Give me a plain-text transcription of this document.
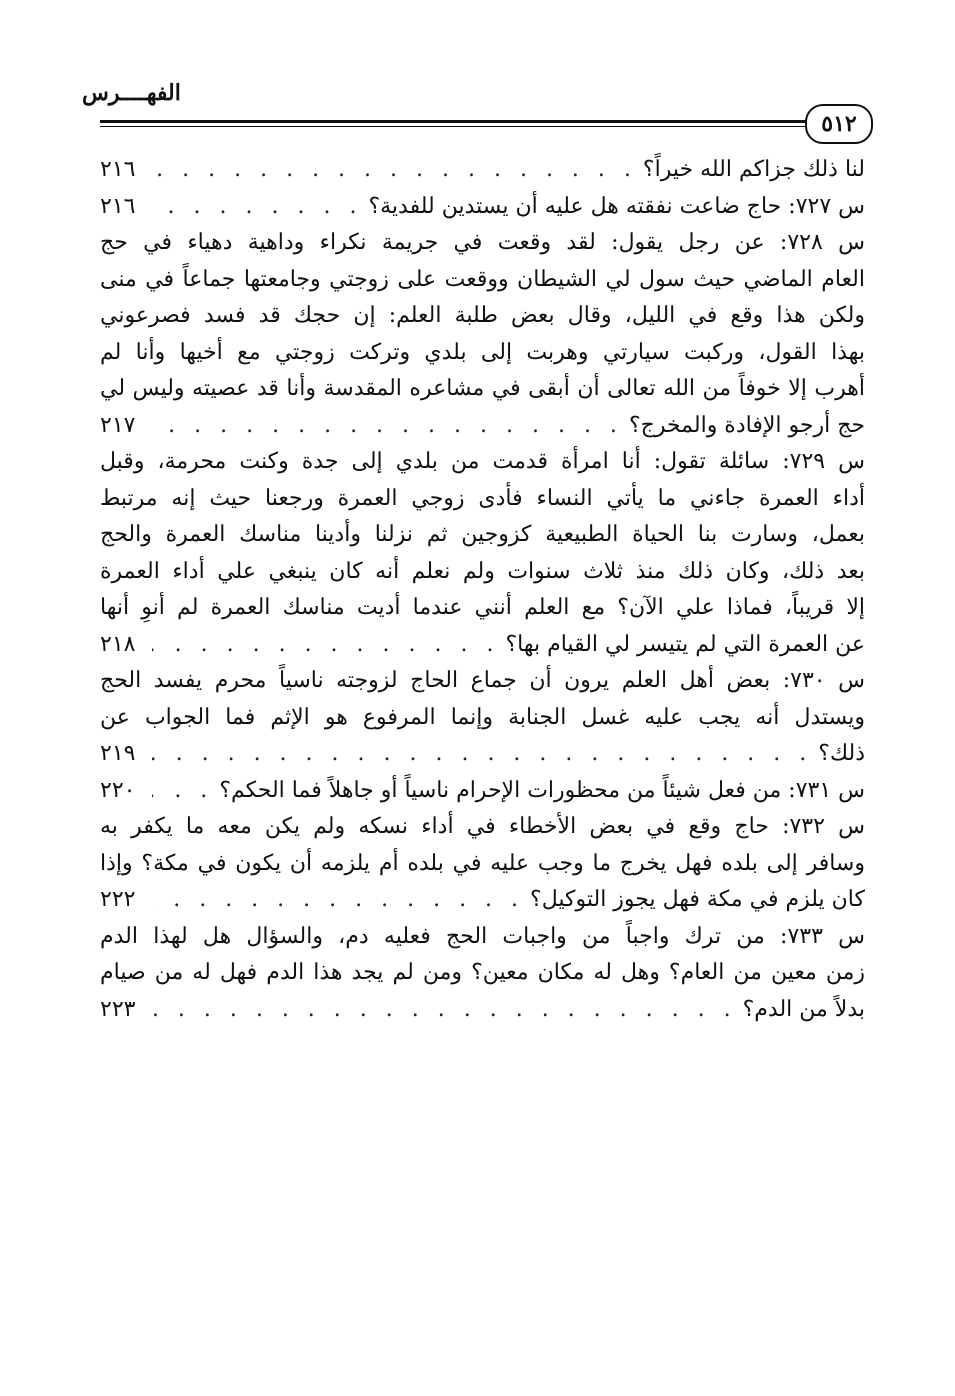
الفهــــرس
٥١٢
لنا ذلك جزاكم الله خيراً؟
. . .
٢١٦
س ٧٢٧: حاج ضاعت نفقته هل عليه أن يستدين للفدية؟
. . .
٢١٦
س ٧٢٨: عن رجل يقول: لقد وقعت في جريمة نكراء وداهية دهياء في حج
العام الماضي حيث سول لي الشيطان ووقعت على زوجتي وجامعتها جماعاً في منى
ولكن هذا وقع في الليل، وقال بعض طلبة العلم: إن حجك قد فسد فصرعوني
بهذا القول، وركبت سيارتي وهربت إلى بلدي وتركت زوجتي مع أخيها وأنا لم
أهرب إلا خوفاً من الله تعالى أن أبقى في مشاعره المقدسة وأنا قد عصيته وليس لي
حج أرجو الإفادة والمخرج؟
. . .
٢١٧
س ٧٢٩: سائلة تقول: أنا امرأة قدمت من بلدي إلى جدة وكنت محرمة، وقبل
أداء العمرة جاءني ما يأتي النساء فأدى زوجي العمرة ورجعنا حيث إنه مرتبط
بعمل، وسارت بنا الحياة الطبيعية كزوجين ثم نزلنا وأدينا مناسك العمرة والحج
بعد ذلك، وكان ذلك منذ ثلاث سنوات ولم نعلم أنه كان ينبغي علي أداء العمرة
إلا قريباً، فماذا علي الآن؟ مع العلم أنني عندما أديت مناسك العمرة لم أنوِ أنها
عن العمرة التي لم يتيسر لي القيام بها؟
. . .
٢١٨
س ٧٣٠: بعض أهل العلم يرون أن جماع الحاج لزوجته ناسياً محرم يفسد الحج
ويستدل أنه يجب عليه غسل الجنابة وإنما المرفوع هو الإثم فما الجواب عن
ذلك؟
. . .
٢١٩
س ٧٣١: من فعل شيئاً من محظورات الإحرام ناسياً أو جاهلاً فما الحكم؟
. . .
٢٢٠
س ٧٣٢: حاج وقع في بعض الأخطاء في أداء نسكه ولم يكن معه ما يكفر به
وسافر إلى بلده فهل يخرج ما وجب عليه في بلده أم يلزمه أن يكون في مكة؟ وإذا
كان يلزم في مكة فهل يجوز التوكيل؟
. . .
٢٢٢
س ٧٣٣: من ترك واجباً من واجبات الحج فعليه دم، والسؤال هل لهذا الدم
زمن معين من العام؟ وهل له مكان معين؟ ومن لم يجد هذا الدم فهل له من صيام
بدلاً من الدم؟
. . .
٢٢٣
